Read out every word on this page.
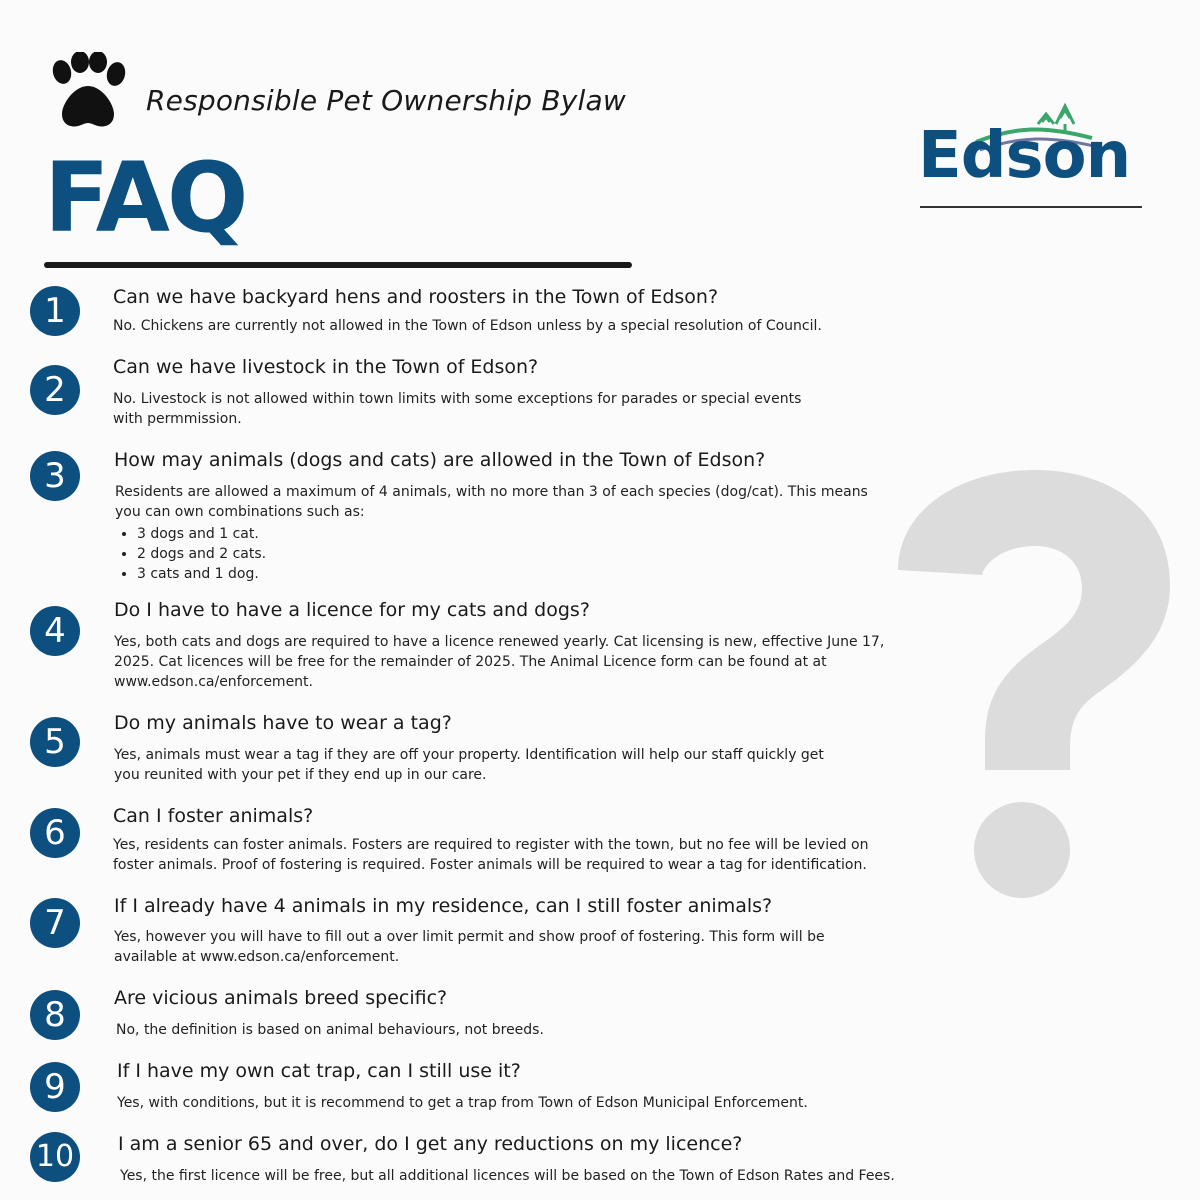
Responsible Pet Ownership Bylaw
FAQ	Edson
1	Can we have backyard hens and roosters in the Town of Edson?
No. Chickens are currently not allowed in the Town of Edson unless by a special resolution of Council.
2
Can we have livestock in the Town of Edson?
No. Livestock is not allowed within town limits with some exceptions for parades or special events with permmission.
3	How may animals (dogs and cats) are allowed in the Town of Edson?
Residents are allowed a maximum of 4 animals, with no more than 3 of each species (dog/cat). This means you can own combinations such as:
• 3 dogs and 1 cat.
• 2 dogs and 2 cats.
• 3 cats and 1 dog.
4
Do I have to have a licence for my cats and dogs?
Yes, both cats and dogs are required to have a licence renewed yearly. Cat licensing is new, effective June 17, 2025. Cat licences will be free for the remainder of 2025. The Animal Licence form can be found at at www.edson.ca/enforcement.
5	Do my animals have to wear a tag?
Yes, animals must wear a tag if they are off your property. Identification will help our staff quickly get you reunited with your pet if they end up in our care.
6	Can I foster animals?
Yes, residents can foster animals. Fosters are required to register with the town, but no fee will be levied on foster animals. Proof of fostering is required. Foster animals will be required to wear a tag for identification.
7	If I already have 4 animals in my residence, can I still foster animals?
Yes, however you will have to fill out a over limit permit and show proof of fostering. This form will be available at www.edson.ca/enforcement.
8	Are vicious animals breed specific?
No, the definition is based on animal behaviours, not breeds.
9	If I have my own cat trap, can I still use it?
Yes, with conditions, but it is recommend to get a trap from Town of Edson Municipal Enforcement.
10	I am a senior 65 and over, do I get any reductions on my licence?
Yes, the first licence will be free, but all additional licences will be based on the Town of Edson Rates and Fees.
